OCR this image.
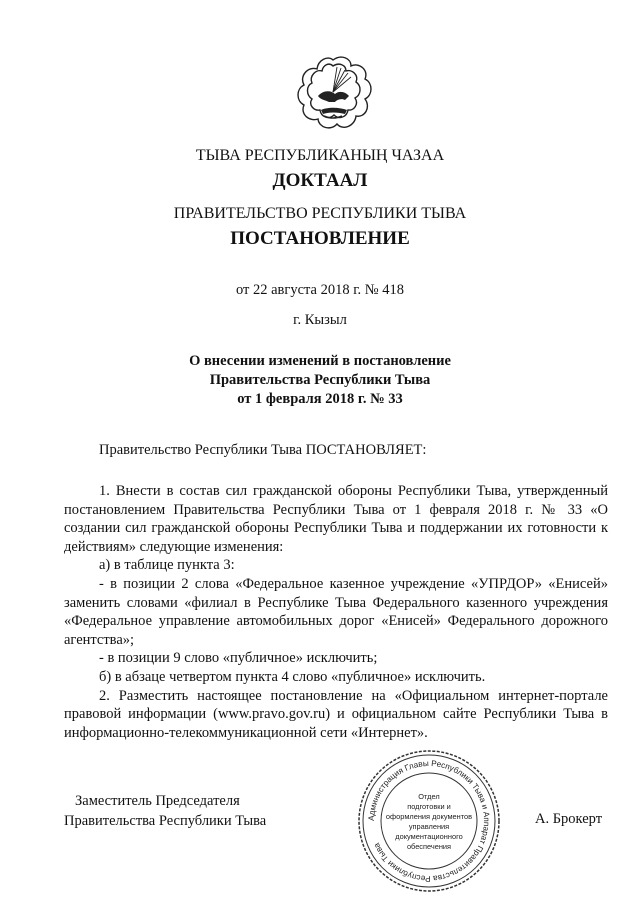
ТЫВА РЕСПУБЛИКАНЫҢ ЧАЗАА
ДОКТААЛ
ПРАВИТЕЛЬСТВО РЕСПУБЛИКИ ТЫВА
ПОСТАНОВЛЕНИЕ
от 22 августа 2018 г. № 418
г. Кызыл
О внесении изменений в постановление
Правительства Республики Тыва
от 1 февраля 2018 г. № 33
Правительство Республики Тыва ПОСТАНОВЛЯЕТ:

1. Внести в состав сил гражданской обороны Республики Тыва, утвержденный постановлением Правительства Республики Тыва от 1 февраля 2018 г. № 33 «О создании сил гражданской обороны Республики Тыва и поддержании их готовности к действиям» следующие изменения:

а) в таблице пункта 3:

- в позиции 2 слова «Федеральное казенное учреждение «УПРДОР» «Енисей» заменить словами «филиал в Республике Тыва Федерального казенного учреждения «Федеральное управление автомобильных дорог «Енисей» Федерального дорожного агентства»;

- в позиции 9 слово «публичное» исключить;

б) в абзаце четвертом пункта 4 слово «публичное» исключить.

2. Разместить настоящее постановление на «Официальном интернет-портале правовой информации (www.pravo.gov.ru) и официальном сайте Республики Тыва в информационно-телекоммуникационной сети «Интернет».

Заместитель Председателя
Правительства Республики Тыва	Администрация Главы Республики Тыва и Аппарат Правительства Республики Тыва
Отдел
подготовки и
оформления документов
управления
документационного
обеспечения
А. Брокерт
